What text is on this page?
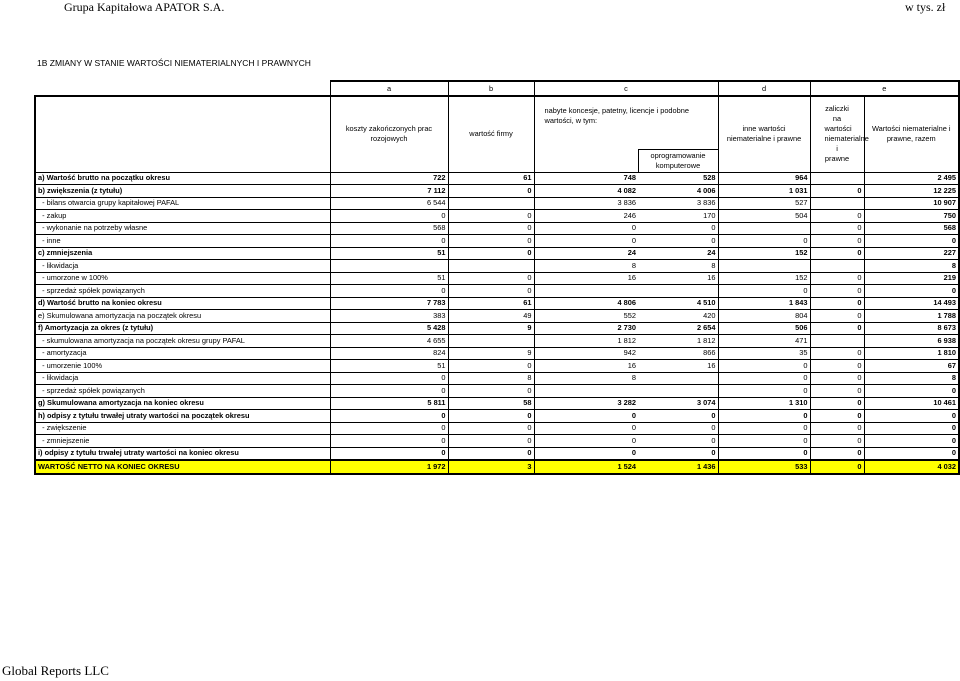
Grupa Kapitałowa APATOR S.A.	w tys. zł
1B ZMIANY W STANIE WARTOŚCI NIEMATERIALNYCH I PRAWNYCH
	a	b	c		d	e	
	koszty zakończonych prac rozojowych	wartość firmy	nabyte koncesje, patetny, licencje i podobne wartości, w tym:		inne wartości niematerialne i prawne	zaliczki na wartości niematerialne i prawne	Wartości niematerialne i prawne, razem
				oprogramowanie komputerowe			
a) Wartość brutto na początku okresu	722	61	748	528	964		2 495
b) zwiększenia (z tytułu)	7 112	0	4 082	4 006	1 031	0	12 225
- bilans otwarcia grupy kapitałowej PAFAL	6 544		3 836	3 836	527		10 907
- zakup	0	0	246	170	504	0	750
- wykonanie na potrzeby własne	568	0	0	0		0	568
- inne	0	0	0	0	0	0	0
c) zmniejszenia	51	0	24	24	152	0	227
- likwidacja			8	8			8
- umorzone w 100%	51	0	16	16	152	0	219
- sprzedaż spółek powiązanych	0	0			0	0	0
d) Wartość brutto na koniec okresu	7 783	61	4 806	4 510	1 843	0	14 493
e) Skumulowana amortyzacja na początek okresu	383	49	552	420	804	0	1 788
f) Amortyzacja za okres (z tytułu)	5 428	9	2 730	2 654	506	0	8 673
- skumulowana amortyzacja na początek okresu grupy PAFAL	4 655		1 812	1 812	471		6 938
- amortyzacja	824	9	942	866	35	0	1 810
- umorzenie 100%	51	0	16	16	0	0	67
- likwidacja	0	8	8		0	0	8
- sprzedaż spółek powiązanych	0	0			0	0	0
g) Skumulowana amortyzacja na koniec okresu	5 811	58	3 282	3 074	1 310	0	10 461
h) odpisy z tytułu trwałej utraty wartości na początek okresu	0	0	0	0	0	0	0
- zwiększenie	0	0	0	0	0	0	0
- zmniejszenie	0	0	0	0	0	0	0
i) odpisy z tytułu trwałej utraty wartości na koniec okresu	0	0	0	0	0	0	0
WARTOŚĆ NETTO NA KONIEC OKRESU	1 972	3	1 524	1 436	533	0	4 032
Global Reports LLC
